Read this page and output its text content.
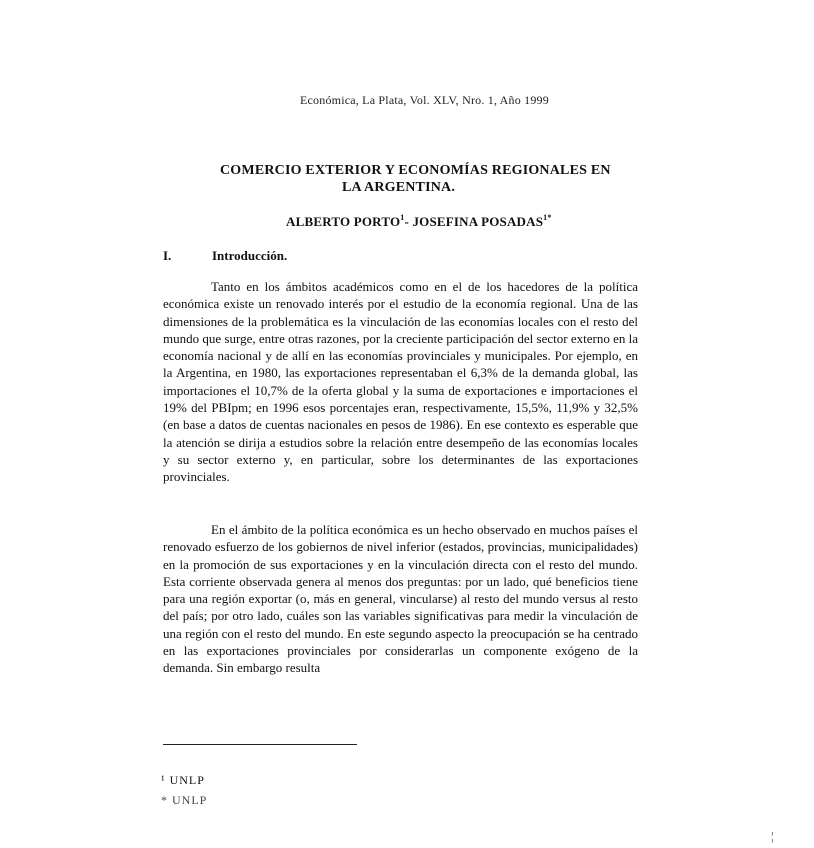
Económica, La Plata, Vol. XLV, Nro. 1, Año 1999
COMERCIO EXTERIOR Y ECONOMÍAS REGIONALES EN
LA ARGENTINA.
ALBERTO PORTO$^1$- JOSEFINA $POSADAS^{1*}$
I.	Introducción.

Tanto en los ámbitos académicos como en el de los hacedores de la política económica existe un renovado interés por el estudio de la economía regional. Una de las dimensiones de la problemática es la vinculación de las economías locales con el resto del mundo que surge, entre otras razones, por la creciente participación del sector externo en la economía nacional y de allí en las economías provinciales y municipales. Por ejemplo, en la Argentina, en 1980, las exportaciones representaban el 6,3% de la demanda global, las importaciones el 10,7% de la oferta global y la suma de exportaciones e importaciones el 19% del PBIpm; en 1996 esos porcentajes eran, respectivamente, 15,5%, 11,9% y 32,5% (en base a datos de cuentas nacionales en pesos de 1986). En ese contexto es esperable que la atención se dirija a estudios sobre la relación entre desempeño de las economías locales y su sector externo y, en particular, sobre los determinantes de las exportaciones provinciales.

En el ámbito de la política económica es un hecho observado en muchos países el renovado esfuerzo de los gobiernos de nivel inferior (estados, provincias, municipalidades) en la promoción de sus exportaciones y en la vinculación directa con el resto del mundo. Esta corriente observada genera al menos dos preguntas: por un lado, qué beneficios tiene para una región exportar (o, más en general, vincularse) al resto del mundo versus al resto del país; por otro lado, cuáles son las variables significativas para medir la vinculación de una región con el resto del mundo. En este segundo aspecto la preocupación se ha centrado en las exportaciones provinciales por considerarlas un componente exógeno de la demanda. Sin embargo resulta

¹ UNLP
* UNLP
¦
